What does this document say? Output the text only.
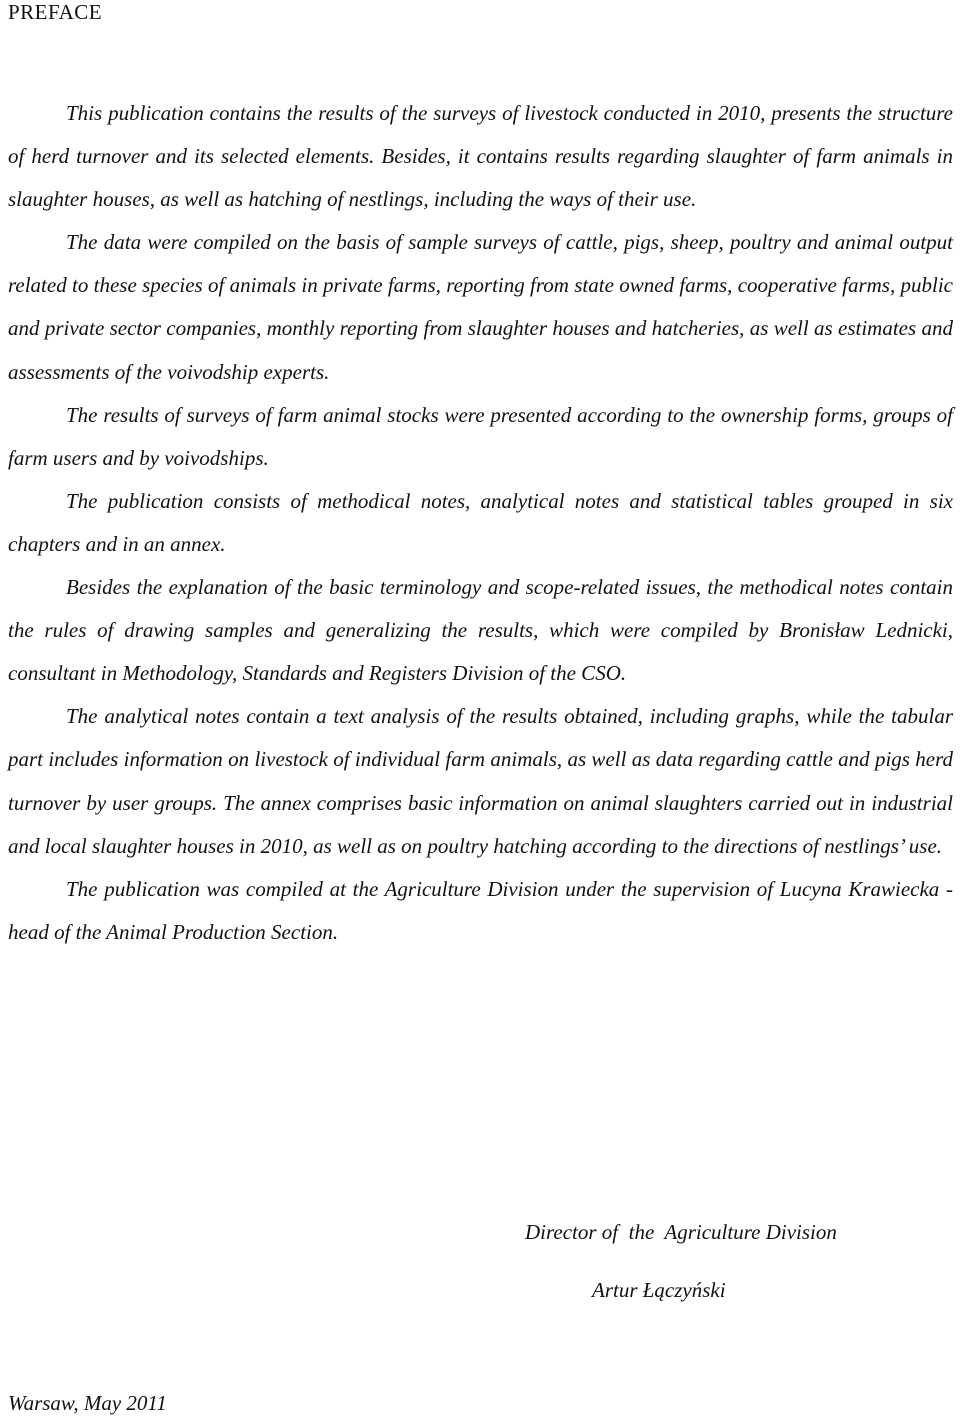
PREFACE

This publication contains the results of the surveys of livestock conducted in 2010, presents the structure of herd turnover and its selected elements. Besides, it contains results regarding slaughter of farm animals in slaughter houses, as well as hatching of nestlings, including the ways of their use.

The data were compiled on the basis of sample surveys of cattle, pigs, sheep, poultry and animal output related to these species of animals in private farms, reporting from state owned farms, cooperative farms, public and private sector companies, monthly reporting from slaughter houses and hatcheries, as well as estimates and assessments of the voivodship experts.

The results of surveys of farm animal stocks were presented according to the ownership forms, groups of farm users and by voivodships.

The publication consists of methodical notes, analytical notes and statistical tables grouped in six chapters and in an annex.

Besides the explanation of the basic terminology and scope-related issues, the methodical notes contain the rules of drawing samples and generalizing the results, which were compiled by Bronisław Lednicki, consultant in Methodology, Standards and Registers Division of the CSO.

The analytical notes contain a text analysis of the results obtained, including graphs, while the tabular part includes information on livestock of individual farm animals, as well as data regarding cattle and pigs herd turnover by user groups. The annex comprises basic information on animal slaughters carried out in industrial and local slaughter houses in 2010, as well as on poultry hatching according to the directions of nestlings’ use.

The publication was compiled at the Agriculture Division under the supervision of Lucyna Krawiecka - head of the Animal Production Section.

Director of  the  Agriculture Division

Artur Łączyński

Warsaw, May 2011
